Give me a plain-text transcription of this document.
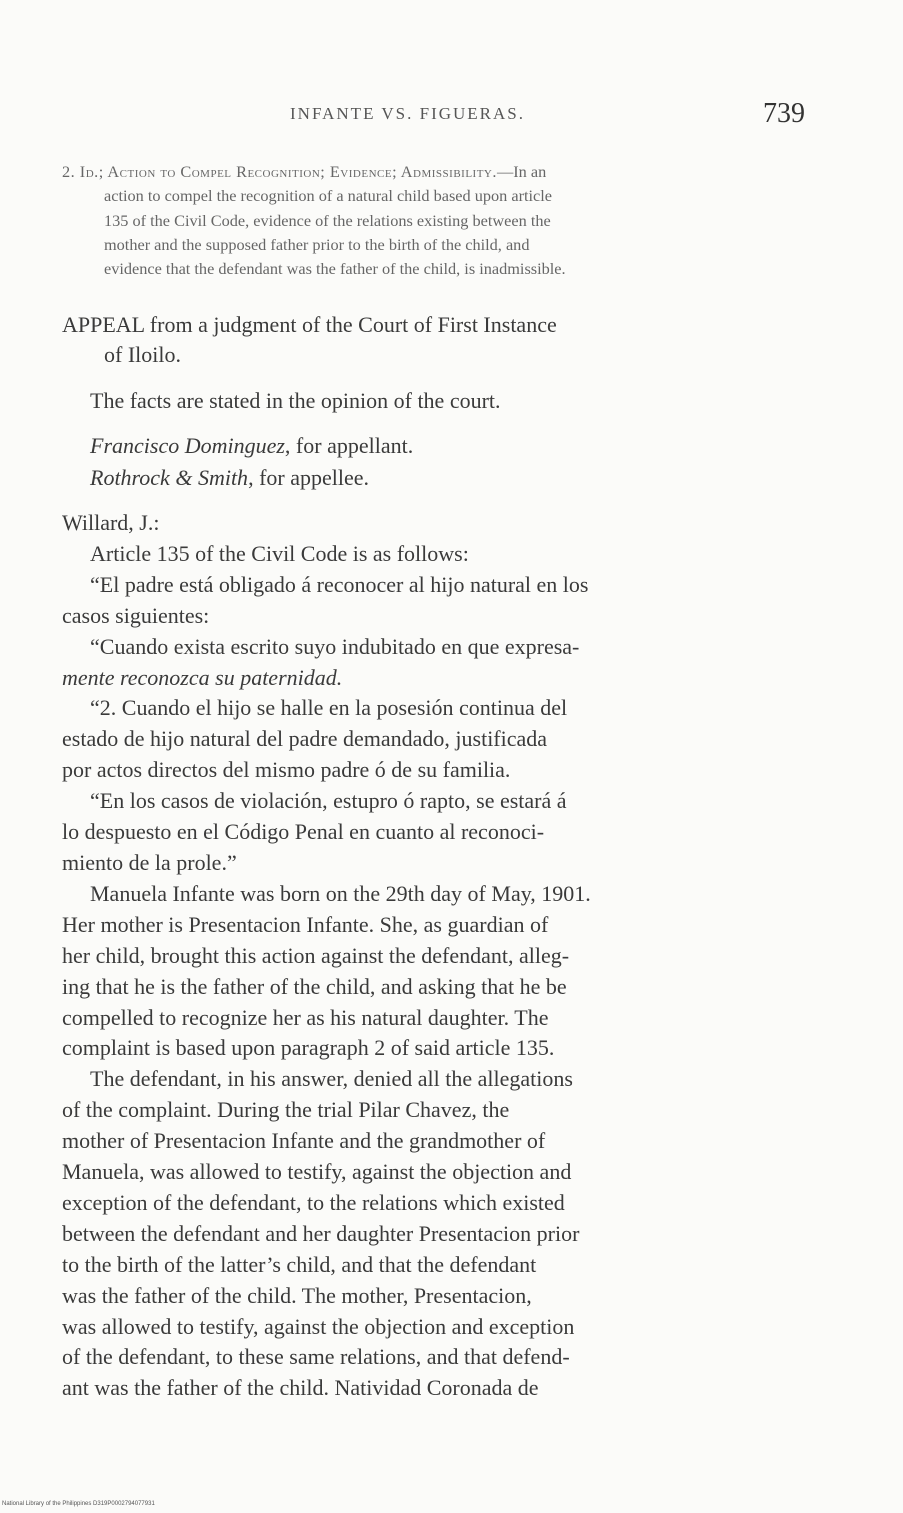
INFANTE VS. FIGUERAS.	739
2. Id.; Action to Compel Recognition; Evidence; Admissibility.—In an
action to compel the recognition of a natural child based upon article
135 of the Civil Code, evidence of the relations existing between the
mother and the supposed father prior to the birth of the child, and
evidence that the defendant was the father of the child, is inadmissible.
APPEAL from a judgment of the Court of First Instance
of Iloilo.
The facts are stated in the opinion of the court.
Francisco Dominguez, for appellant.
Rothrock & Smith, for appellee.
Willard, J.:
Article 135 of the Civil Code is as follows:
“El padre está obligado á reconocer al hijo natural en los
casos siguientes:
“Cuando exista escrito suyo indubitado en que expresa-
mente reconozca su paternidad.
“2. Cuando el hijo se halle en la posesión continua del
estado de hijo natural del padre demandado, justificada
por actos directos del mismo padre ó de su familia.
“En los casos de violación, estupro ó rapto, se estará á
lo despuesto en el Código Penal en cuanto al reconoci-
miento de la prole.”
Manuela Infante was born on the 29th day of May, 1901.
Her mother is Presentacion Infante. She, as guardian of
her child, brought this action against the defendant, alleg-
ing that he is the father of the child, and asking that he be
compelled to recognize her as his natural daughter. The
complaint is based upon paragraph 2 of said article 135.
The defendant, in his answer, denied all the allegations
of the complaint. During the trial Pilar Chavez, the
mother of Presentacion Infante and the grandmother of
Manuela, was allowed to testify, against the objection and
exception of the defendant, to the relations which existed
between the defendant and her daughter Presentacion prior
to the birth of the latter’s child, and that the defendant
was the father of the child. The mother, Presentacion,
was allowed to testify, against the objection and exception
of the defendant, to these same relations, and that defend-
ant was the father of the child. Natividad Coronada de
National Library of the Philippines D319P0002794077931
